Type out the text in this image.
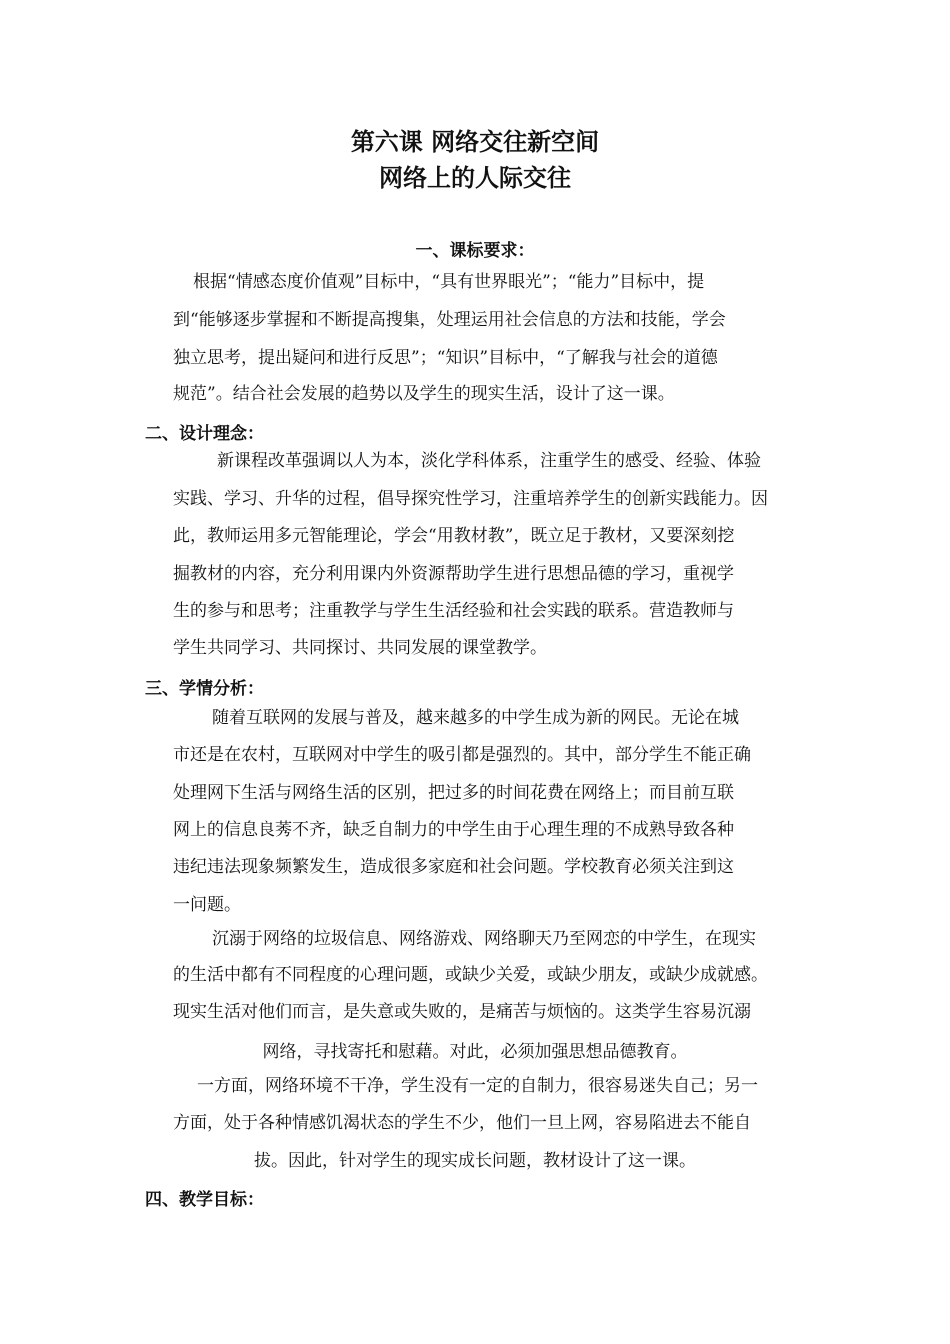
第六课 网络交往新空间
网络上的人际交往

一、课标要求：

根据“情感态度价值观”目标中，“具有世界眼光”；“能力”目标中，提

到“能够逐步掌握和不断提高搜集，处理运用社会信息的方法和技能，学会

独立思考，提出疑问和进行反思”；“知识”目标中，“了解我与社会的道德

规范”。结合社会发展的趋势以及学生的现实生活，设计了这一课。

二、设计理念：

新课程改革强调以人为本，淡化学科体系，注重学生的感受、经验、体验

实践、学习、升华的过程，倡导探究性学习，注重培养学生的创新实践能力。因

此，教师运用多元智能理论，学会“用教材教”，既立足于教材，又要深刻挖

掘教材的内容，充分利用课内外资源帮助学生进行思想品德的学习，重视学

生的参与和思考；注重教学与学生生活经验和社会实践的联系。营造教师与

学生共同学习、共同探讨、共同发展的课堂教学。

三、学情分析：

随着互联网的发展与普及，越来越多的中学生成为新的网民。无论在城

市还是在农村，互联网对中学生的吸引都是强烈的。其中，部分学生不能正确

处理网下生活与网络生活的区别，把过多的时间花费在网络上；而目前互联

网上的信息良莠不齐，缺乏自制力的中学生由于心理生理的不成熟导致各种

违纪违法现象频繁发生，造成很多家庭和社会问题。学校教育必须关注到这

一问题。

沉溺于网络的垃圾信息、网络游戏、网络聊天乃至网恋的中学生，在现实

的生活中都有不同程度的心理问题，或缺少关爱，或缺少朋友，或缺少成就感。

现实生活对他们而言，是失意或失败的，是痛苦与烦恼的。这类学生容易沉溺

网络，寻找寄托和慰藉。对此，必须加强思想品德教育。

一方面，网络环境不干净，学生没有一定的自制力，很容易迷失自己；另一

方面，处于各种情感饥渴状态的学生不少，他们一旦上网，容易陷进去不能自

拔。因此，针对学生的现实成长问题，教材设计了这一课。

四、教学目标：
